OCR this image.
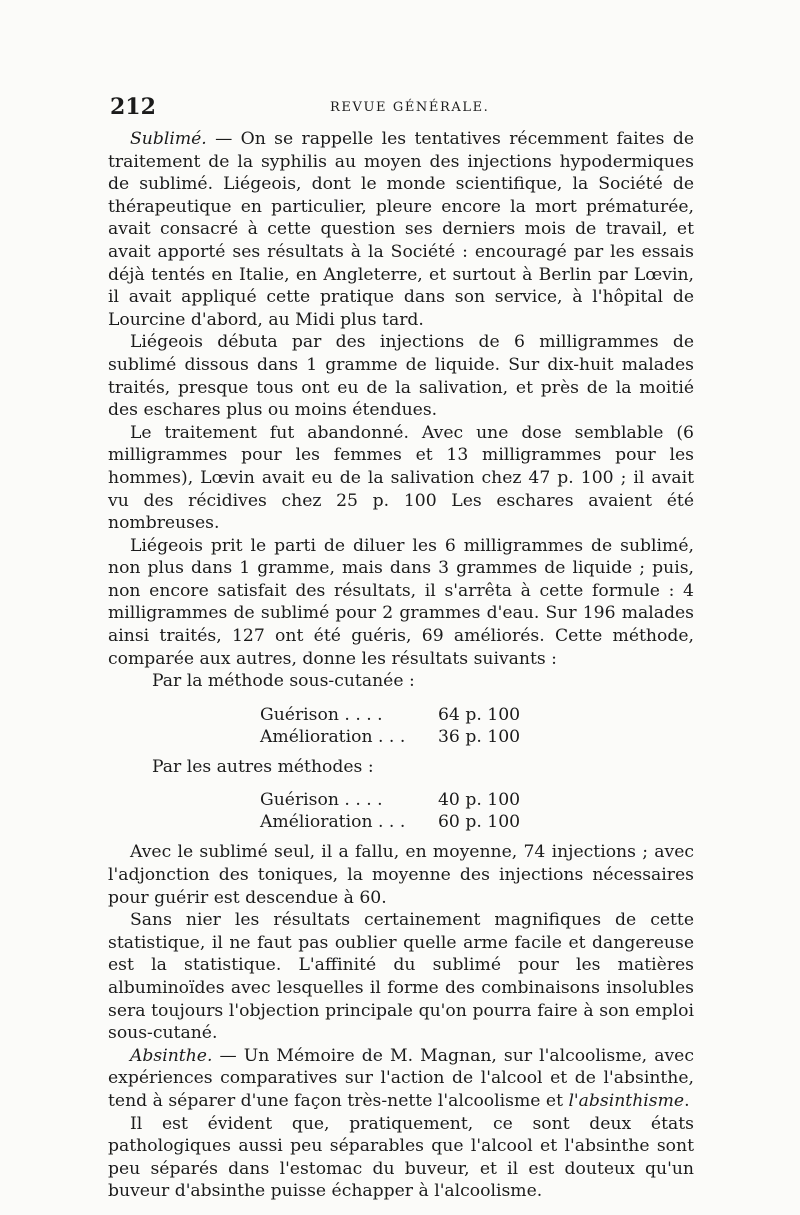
212	REVUE GÉNÉRALE.

Sublimé. — On se rappelle les tentatives récemment faites de traitement de la syphilis au moyen des injections hypodermiques de sublimé. Liégeois, dont le monde scientifique, la Société de thérapeutique en particulier, pleure encore la mort prématurée, avait consacré à cette question ses derniers mois de travail, et avait apporté ses résultats à la Société : encouragé par les essais déjà tentés en Italie, en Angleterre, et surtout à Berlin par Lœvin, il avait appliqué cette pratique dans son service, à l'hôpital de Lourcine d'abord, au Midi plus tard.

Liégeois débuta par des injections de 6 milligrammes de sublimé dissous dans 1 gramme de liquide. Sur dix-huit malades traités, presque tous ont eu de la salivation, et près de la moitié des eschares plus ou moins étendues.

Le traitement fut abandonné. Avec une dose semblable (6 milligrammes pour les femmes et 13 milligrammes pour les hommes), Lœvin avait eu de la salivation chez 47 p. 100 ; il avait vu des récidives chez 25 p. 100 Les eschares avaient été nombreuses.

Liégeois prit le parti de diluer les 6 milligrammes de sublimé, non plus dans 1 gramme, mais dans 3 grammes de liquide ; puis, non encore satisfait des résultats, il s'arrêta à cette formule : 4 milligrammes de sublimé pour 2 grammes d'eau. Sur 196 malades ainsi traités, 127 ont été guéris, 69 améliorés. Cette méthode, comparée aux autres, donne les résultats suivants :

Par la méthode sous-cutanée :

Guérison . . . .	64 p. 100
Amélioration . . .	36 p. 100

Par les autres méthodes :

Guérison . . . .	40 p. 100
Amélioration . . .	60 p. 100

Avec le sublimé seul, il a fallu, en moyenne, 74 injections ; avec l'adjonction des toniques, la moyenne des injections nécessaires pour guérir est descendue à 60.

Sans nier les résultats certainement magnifiques de cette statistique, il ne faut pas oublier quelle arme facile et dangereuse est la statistique. L'affinité du sublimé pour les matières albuminoïdes avec lesquelles il forme des combinaisons insolubles sera toujours l'objection principale qu'on pourra faire à son emploi sous-cutané.

Absinthe. — Un Mémoire de M. Magnan, sur l'alcoolisme, avec expériences comparatives sur l'action de l'alcool et de l'absinthe, tend à séparer d'une façon très-nette l'alcoolisme et l'absinthisme.

Il est évident que, pratiquement, ce sont deux états pathologiques aussi peu séparables que l'alcool et l'absinthe sont peu séparés dans l'estomac du buveur, et il est douteux qu'un buveur d'absinthe puisse échapper à l'alcoolisme.
